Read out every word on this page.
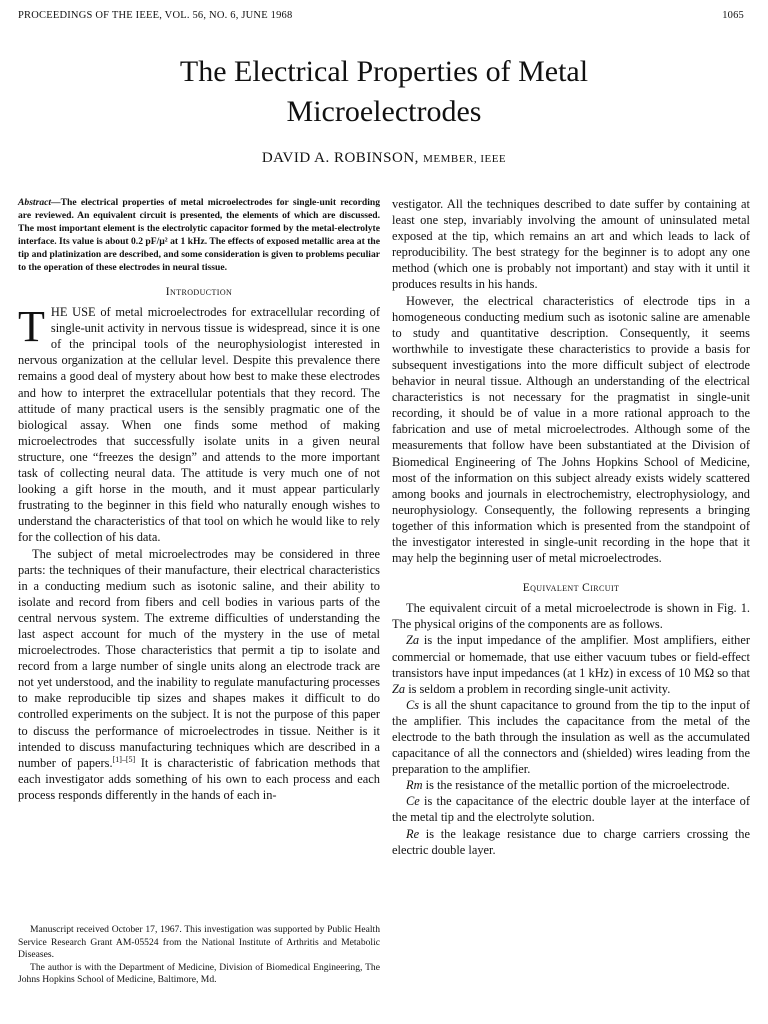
PROCEEDINGS OF THE IEEE, VOL. 56, NO. 6, JUNE 1968	1065
The Electrical Properties of Metal
Microelectrodes
DAVID A. ROBINSON, MEMBER, IEEE

Abstract—The electrical properties of metal microelectrodes for single-unit recording are reviewed. An equivalent circuit is presented, the elements of which are discussed. The most important element is the electrolytic capacitor formed by the metal-electrolyte interface. Its value is about 0.2 pF/µ² at 1 kHz. The effects of exposed metallic area at the tip and platinization are described, and some consideration is given to problems peculiar to the operation of these electrodes in neural tissue.

Introduction

THE USE of metal microelectrodes for extracellular recording of single-unit activity in nervous tissue is widespread, since it is one of the principal tools of the neurophysiologist interested in nervous organization at the cellular level. Despite this prevalence there remains a good deal of mystery about how best to make these electrodes and how to interpret the extracellular potentials that they record. The attitude of many practical users is the sensibly pragmatic one of the biological assay. When one finds some method of making microelectrodes that successfully isolate units in a given neural structure, one “freezes the design” and attends to the more important task of collecting neural data. The attitude is very much one of not looking a gift horse in the mouth, and it must appear particularly frustrating to the beginner in this field who naturally enough wishes to understand the characteristics of that tool on which he would like to rely for the collection of his data.

The subject of metal microelectrodes may be considered in three parts: the techniques of their manufacture, their electrical characteristics in a conducting medium such as isotonic saline, and their ability to isolate and record from fibers and cell bodies in various parts of the central nervous system. The extreme difficulties of understanding the last aspect account for much of the mystery in the use of metal microelectrodes. Those characteristics that permit a tip to isolate and record from a large number of single units along an electrode track are not yet understood, and the inability to regulate manufacturing processes to make reproducible tip sizes and shapes makes it difficult to do controlled experiments on the subject. It is not the purpose of this paper to discuss the performance of microelectrodes in tissue. Neither is it intended to discuss manufacturing techniques which are described in a number of papers.[1]–[5] It is characteristic of fabrication methods that each investigator adds something of his own to each process and each process responds differently in the hands of each in-

vestigator. All the techniques described to date suffer by containing at least one step, invariably involving the amount of uninsulated metal exposed at the tip, which remains an art and which leads to lack of reproducibility. The best strategy for the beginner is to adopt any one method (which one is probably not important) and stay with it until it produces results in his hands.

However, the electrical characteristics of electrode tips in a homogeneous conducting medium such as isotonic saline are amenable to study and quantitative description. Consequently, it seems worthwhile to investigate these characteristics to provide a basis for subsequent investigations into the more difficult subject of electrode behavior in neural tissue. Although an understanding of the electrical characteristics is not necessary for the pragmatist in single-unit recording, it should be of value in a more rational approach to the fabrication and use of metal microelectrodes. Although some of the measurements that follow have been substantiated at the Division of Biomedical Engineering of The Johns Hopkins School of Medicine, most of the information on this subject already exists widely scattered among books and journals in electrochemistry, electrophysiology, and neurophysiology. Consequently, the following represents a bringing together of this information which is presented from the standpoint of the investigator interested in single-unit recording in the hope that it may help the beginning user of metal microelectrodes.

Equivalent Circuit

The equivalent circuit of a metal microelectrode is shown in Fig. 1. The physical origins of the components are as follows.

Za is the input impedance of the amplifier. Most amplifiers, either commercial or homemade, that use either vacuum tubes or field-effect transistors have input impedances (at 1 kHz) in excess of 10 MΩ so that Za is seldom a problem in recording single-unit activity.

Cs is all the shunt capacitance to ground from the tip to the input of the amplifier. This includes the capacitance from the metal of the electrode to the bath through the insulation as well as the accumulated capacitance of all the connectors and (shielded) wires leading from the preparation to the amplifier.

Rm is the resistance of the metallic portion of the microelectrode.

Ce is the capacitance of the electric double layer at the interface of the metal tip and the electrolyte solution.

Re is the leakage resistance due to charge carriers crossing the electric double layer.

Manuscript received October 17, 1967. This investigation was supported by Public Health Service Research Grant AM-05524 from the National Institute of Arthritis and Metabolic Diseases.

The author is with the Department of Medicine, Division of Biomedical Engineering, The Johns Hopkins School of Medicine, Baltimore, Md.
